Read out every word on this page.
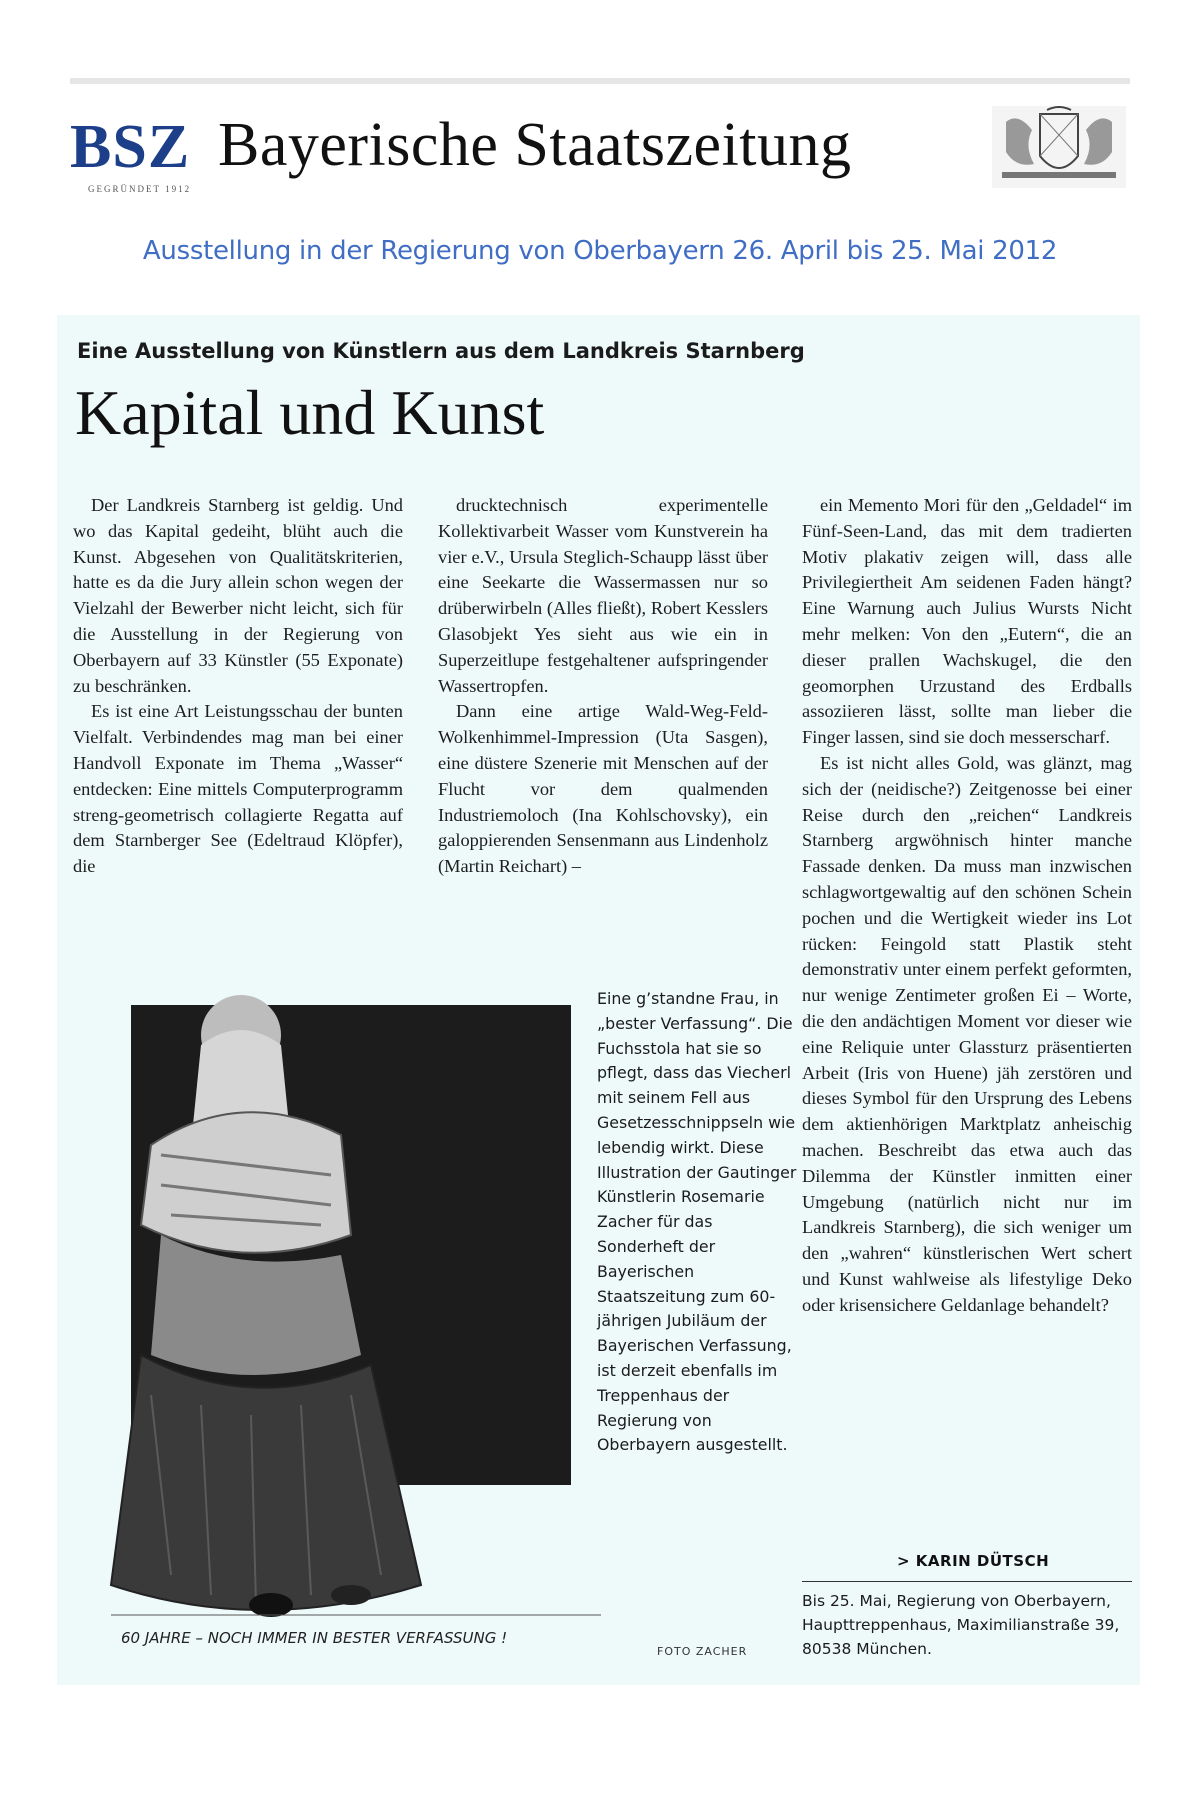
BSZ
GEGRÜNDET 1912
Bayerische Staatszeitung
Ausstellung in der Regierung von Oberbayern 26. April bis 25. Mai 2012
Eine Ausstellung von Künstlern aus dem Landkreis Starnberg
Kapital und Kunst

Der Landkreis Starnberg ist geldig. Und wo das Kapital gedeiht, blüht auch die Kunst. Abgesehen von Qualitätskriterien, hatte es da die Jury allein schon wegen der Vielzahl der Bewerber nicht leicht, sich für die Ausstellung in der Regierung von Oberbayern auf 33 Künstler (55 Exponate) zu beschränken.

Es ist eine Art Leistungsschau der bunten Vielfalt. Verbindendes mag man bei einer Handvoll Exponate im Thema „Wasser“ entdecken: Eine mittels Computerprogramm streng-geometrisch collagierte Regatta auf dem Starnberger See (Edeltraud Klöpfer), die

drucktechnisch experimentelle Kollektivarbeit Wasser vom Kunstverein ha vier e.V., Ursula Steglich-Schaupp lässt über eine Seekarte die Wassermassen nur so drüberwirbeln (Alles fließt), Robert Kesslers Glasobjekt Yes sieht aus wie ein in Superzeitlupe festgehaltener aufspringender Wassertropfen.

Dann eine artige Wald-Weg-Feld-Wolkenhimmel-Impression (Uta Sasgen), eine düstere Szenerie mit Menschen auf der Flucht vor dem qualmenden Industriemoloch (Ina Kohlschovsky), ein galoppierenden Sensenmann aus Lindenholz (Martin Reichart) –

ein Memento Mori für den „Geldadel“ im Fünf-Seen-Land, das mit dem tradierten Motiv plakativ zeigen will, dass alle Privilegiertheit Am seidenen Faden hängt? Eine Warnung auch Julius Wursts Nicht mehr melken: Von den „Eutern“, die an dieser prallen Wachskugel, die den geomorphen Urzustand des Erdballs assoziieren lässt, sollte man lieber die Finger lassen, sind sie doch messerscharf.

Es ist nicht alles Gold, was glänzt, mag sich der (neidische?) Zeitgenosse bei einer Reise durch den „reichen“ Landkreis Starnberg argwöhnisch hinter manche Fassade denken. Da muss man inzwischen schlagwortgewaltig auf den schönen Schein pochen und die Wertigkeit wieder ins Lot rücken: Feingold statt Plastik steht demonstrativ unter einem perfekt geformten, nur wenige Zentimeter großen Ei – Worte, die den andächtigen Moment vor dieser wie eine Reliquie unter Glassturz präsentierten Arbeit (Iris von Huene) jäh zerstören und dieses Symbol für den Ursprung des Lebens dem aktienhörigen Marktplatz anheischig machen. Beschreibt das etwa auch das Dilemma der Künstler inmitten einer Umgebung (natürlich nicht nur im Landkreis Starnberg), die sich weniger um den „wahren“ künstlerischen Wert schert und Kunst wahlweise als lifestylige Deko oder krisensichere Geldanlage behandelt?

60 JAHRE – NOCH IMMER IN BESTER VERFASSUNG !
Eine g’standne Frau, in „bester Verfassung“. Die Fuchsstola hat sie so pflegt, dass das Viecherl mit seinem Fell aus Gesetzesschnippseln wie lebendig wirkt. Diese Illustration der Gautinger Künstlerin Rosemarie Zacher für das Sonderheft der Bayerischen Staatszeitung zum 60-jährigen Jubiläum der Bayerischen Verfassung, ist derzeit ebenfalls im Treppenhaus der Regierung von Oberbayern ausgestellt.
FOTO ZACHER
> KARIN DÜTSCH
Bis 25. Mai, Regierung von Oberbayern, Haupttreppenhaus, Maximilianstraße 39, 80538 München.
